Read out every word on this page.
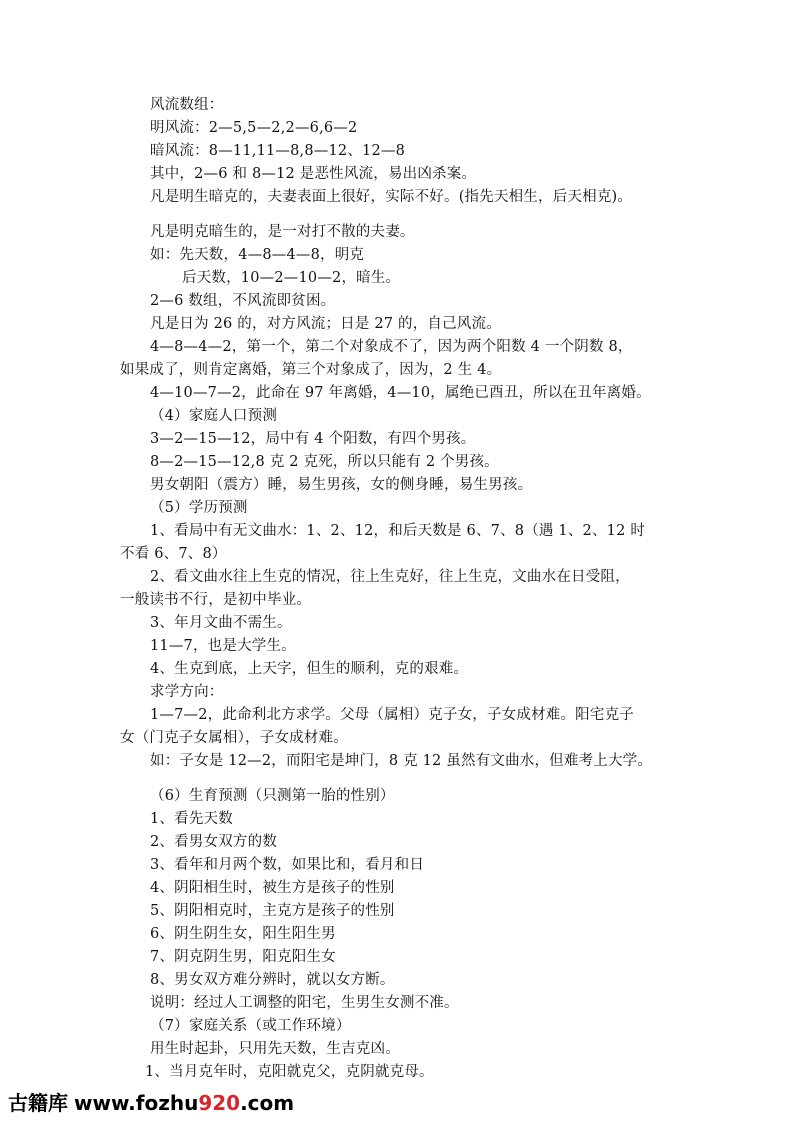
风流数组：
明风流：2—5,5—2,2—6,6—2
暗风流：8—11,11—8,8—12、12—8
其中，2—6 和 8—12 是恶性风流，易出凶杀案。
凡是明生暗克的，夫妻表面上很好，实际不好。(指先天相生，后天相克)。
凡是明克暗生的，是一对打不散的夫妻。
如：先天数，4—8—4—8，明克
后天数，10—2—10—2，暗生。
2—6 数组，不风流即贫困。
凡是日为 26 的，对方风流；日是 27 的，自己风流。
4—8—4—2，第一个，第二个对象成不了，因为两个阳数 4 一个阴数 8，
如果成了，则肯定离婚，第三个对象成了，因为，2 生 4。
4—10—7—2，此命在 97 年离婚，4—10，属绝已酉丑，所以在丑年离婚。
（4）家庭人口预测
3—2—15—12，局中有 4 个阳数，有四个男孩。
8—2—15—12,8 克 2 克死，所以只能有 2 个男孩。
男女朝阳（震方）睡，易生男孩，女的侧身睡，易生男孩。
（5）学历预测
1、看局中有无文曲水：1、2、12，和后天数是 6、7、8（遇 1、2、12 时
不看 6、7、8）
2、看文曲水往上生克的情况，往上生克好，往上生克，文曲水在日受阻，
一般读书不行，是初中毕业。
3、年月文曲不需生。
11—7，也是大学生。
4、生克到底，上天字，但生的顺利，克的艰难。
求学方向：
1—7—2，此命利北方求学。父母（属相）克子女，子女成材难。阳宅克子
女（门克子女属相），子女成材难。
如：子女是 12—2，而阳宅是坤门，8 克 12 虽然有文曲水，但难考上大学。
（6）生育预测（只测第一胎的性别）
1、看先天数
2、看男女双方的数
3、看年和月两个数，如果比和，看月和日
4、阴阳相生时，被生方是孩子的性别
5、阴阳相克时，主克方是孩子的性别
6、阴生阴生女，阳生阳生男
7、阴克阴生男，阳克阳生女
8、男女双方难分辨时，就以女方断。
说明：经过人工调整的阳宅，生男生女测不准。
（7）家庭关系（或工作环境）
用生时起卦，只用先天数，生吉克凶。
1、当月克年时，克阳就克父，克阴就克母。
古籍库 www.fozhu920.com
